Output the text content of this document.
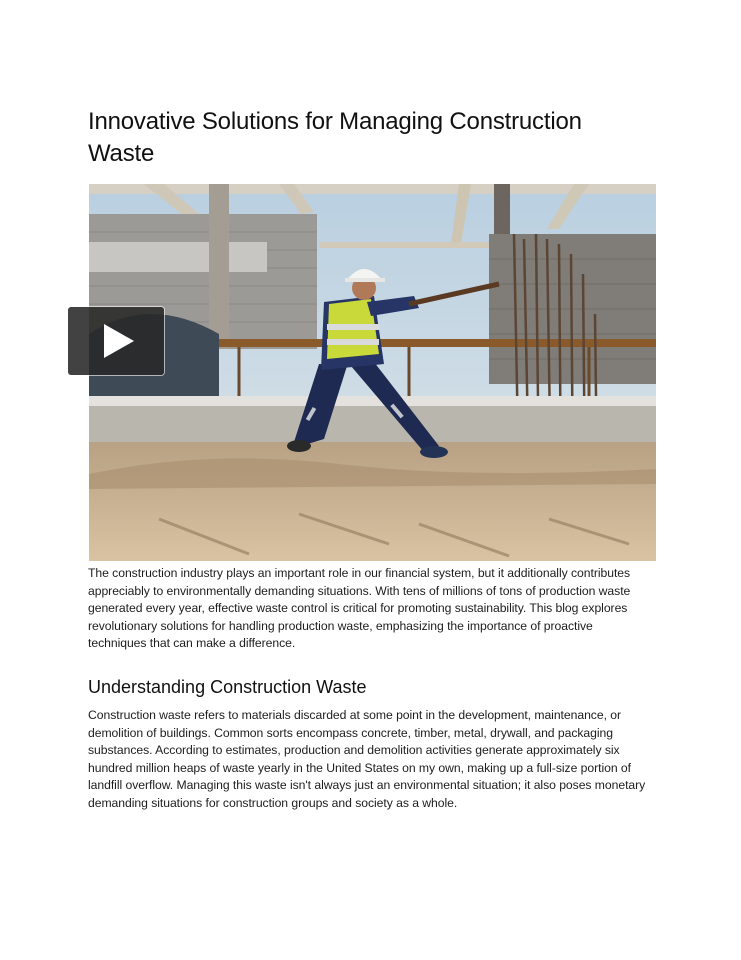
Innovative Solutions for Managing Construction Waste

The construction industry plays an important role in our financial system, but it additionally contributes appreciably to environmentally demanding situations. With tens of millions of tons of production waste generated every year, effective waste control is critical for promoting sustainability. This blog explores revolutionary solutions for handling production waste, emphasizing the importance of proactive techniques that can make a difference.

Understanding Construction Waste

Construction waste refers to materials discarded at some point in the development, maintenance, or demolition of buildings. Common sorts encompass concrete, timber, metal, drywall, and packaging substances. According to estimates, production and demolition activities generate approximately six hundred million heaps of waste yearly in the United States on my own, making up a full-size portion of landfill overflow. Managing this waste isn't always just an environmental situation; it also poses monetary demanding situations for construction groups and society as a whole.
